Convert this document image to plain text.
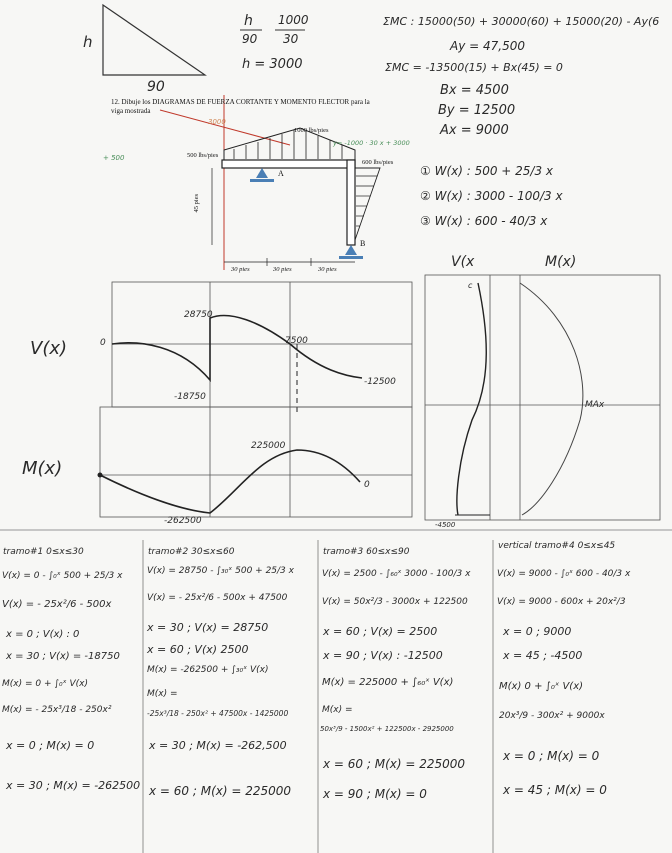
h
90
h
90
1000
30
h = 3000
ΣMC : 15000(50) + 30000(60) + 15000(20) - Ay(6
Ay = 47,500
ΣMC = -13500(15) + Bx(45) = 0
Bx = 4500
By = 12500
Ax = 9000
① W(x) : 500 + 25/3 x
② W(x) : 3000 - 100/3 x
③ W(x) : 600 - 40/3 x
12. Dibuje los DIAGRAMAS DE FUERZA CORTANTE Y MOMENTO FLECTOR para la
viga mostrada
1000 lbs/pies
500 lbs/pies
600 lbs/pies
y= -1000 · 30 x + 3000
3000
+ 500
45 pies
30 pies	30 pies	30 pies
A
B
V(x)
M(x)
0
28750
7500
-18750
-12500
0
225000
-262500
V(x	M(x)
c
MAx
-4500
tramo#1 0≤x≤30
V(x) = 0 - ∫₀ˣ 500 + 25/3 x
V(x) = - 25x²/6 - 500x
x = 0 ; V(x) : 0
x = 30 ; V(x) = -18750
M(x) = 0 + ∫₀ˣ V(x)
M(x) = - 25x³/18 - 250x²
x = 0 ; M(x) = 0
x = 30 ; M(x) = -262500
tramo#2 30≤x≤60
V(x) = 28750 - ∫₃₀ˣ 500 + 25/3 x
V(x) = - 25x²/6 - 500x + 47500
x = 30 ; V(x) = 28750
x = 60 ; V(x) 2500
M(x) = -262500 + ∫₃₀ˣ V(x)
M(x) =
-25x³/18 - 250x² + 47500x - 1425000
x = 30 ; M(x) = -262,500
x = 60 ; M(x) = 225000
tramo#3 60≤x≤90
V(x) = 2500 - ∫₆₀ˣ 3000 - 100/3 x
V(x) = 50x²/3 - 3000x + 122500
x = 60 ; V(x) = 2500
x = 90 ; V(x) : -12500
M(x) = 225000 + ∫₆₀ˣ V(x)
M(x) =
50x³/9 - 1500x² + 122500x - 2925000
x = 60 ; M(x) = 225000
x = 90 ; M(x) = 0
vertical tramo#4 0≤x≤45
V(x) = 9000 - ∫₀ˣ 600 - 40/3 x
V(x) = 9000 - 600x + 20x²/3
x = 0 ; 9000
x = 45 ; -4500
M(x) 0 + ∫₀ˣ V(x)
20x³/9 - 300x² + 9000x
x = 0 ; M(x) = 0
x = 45 ; M(x) = 0
